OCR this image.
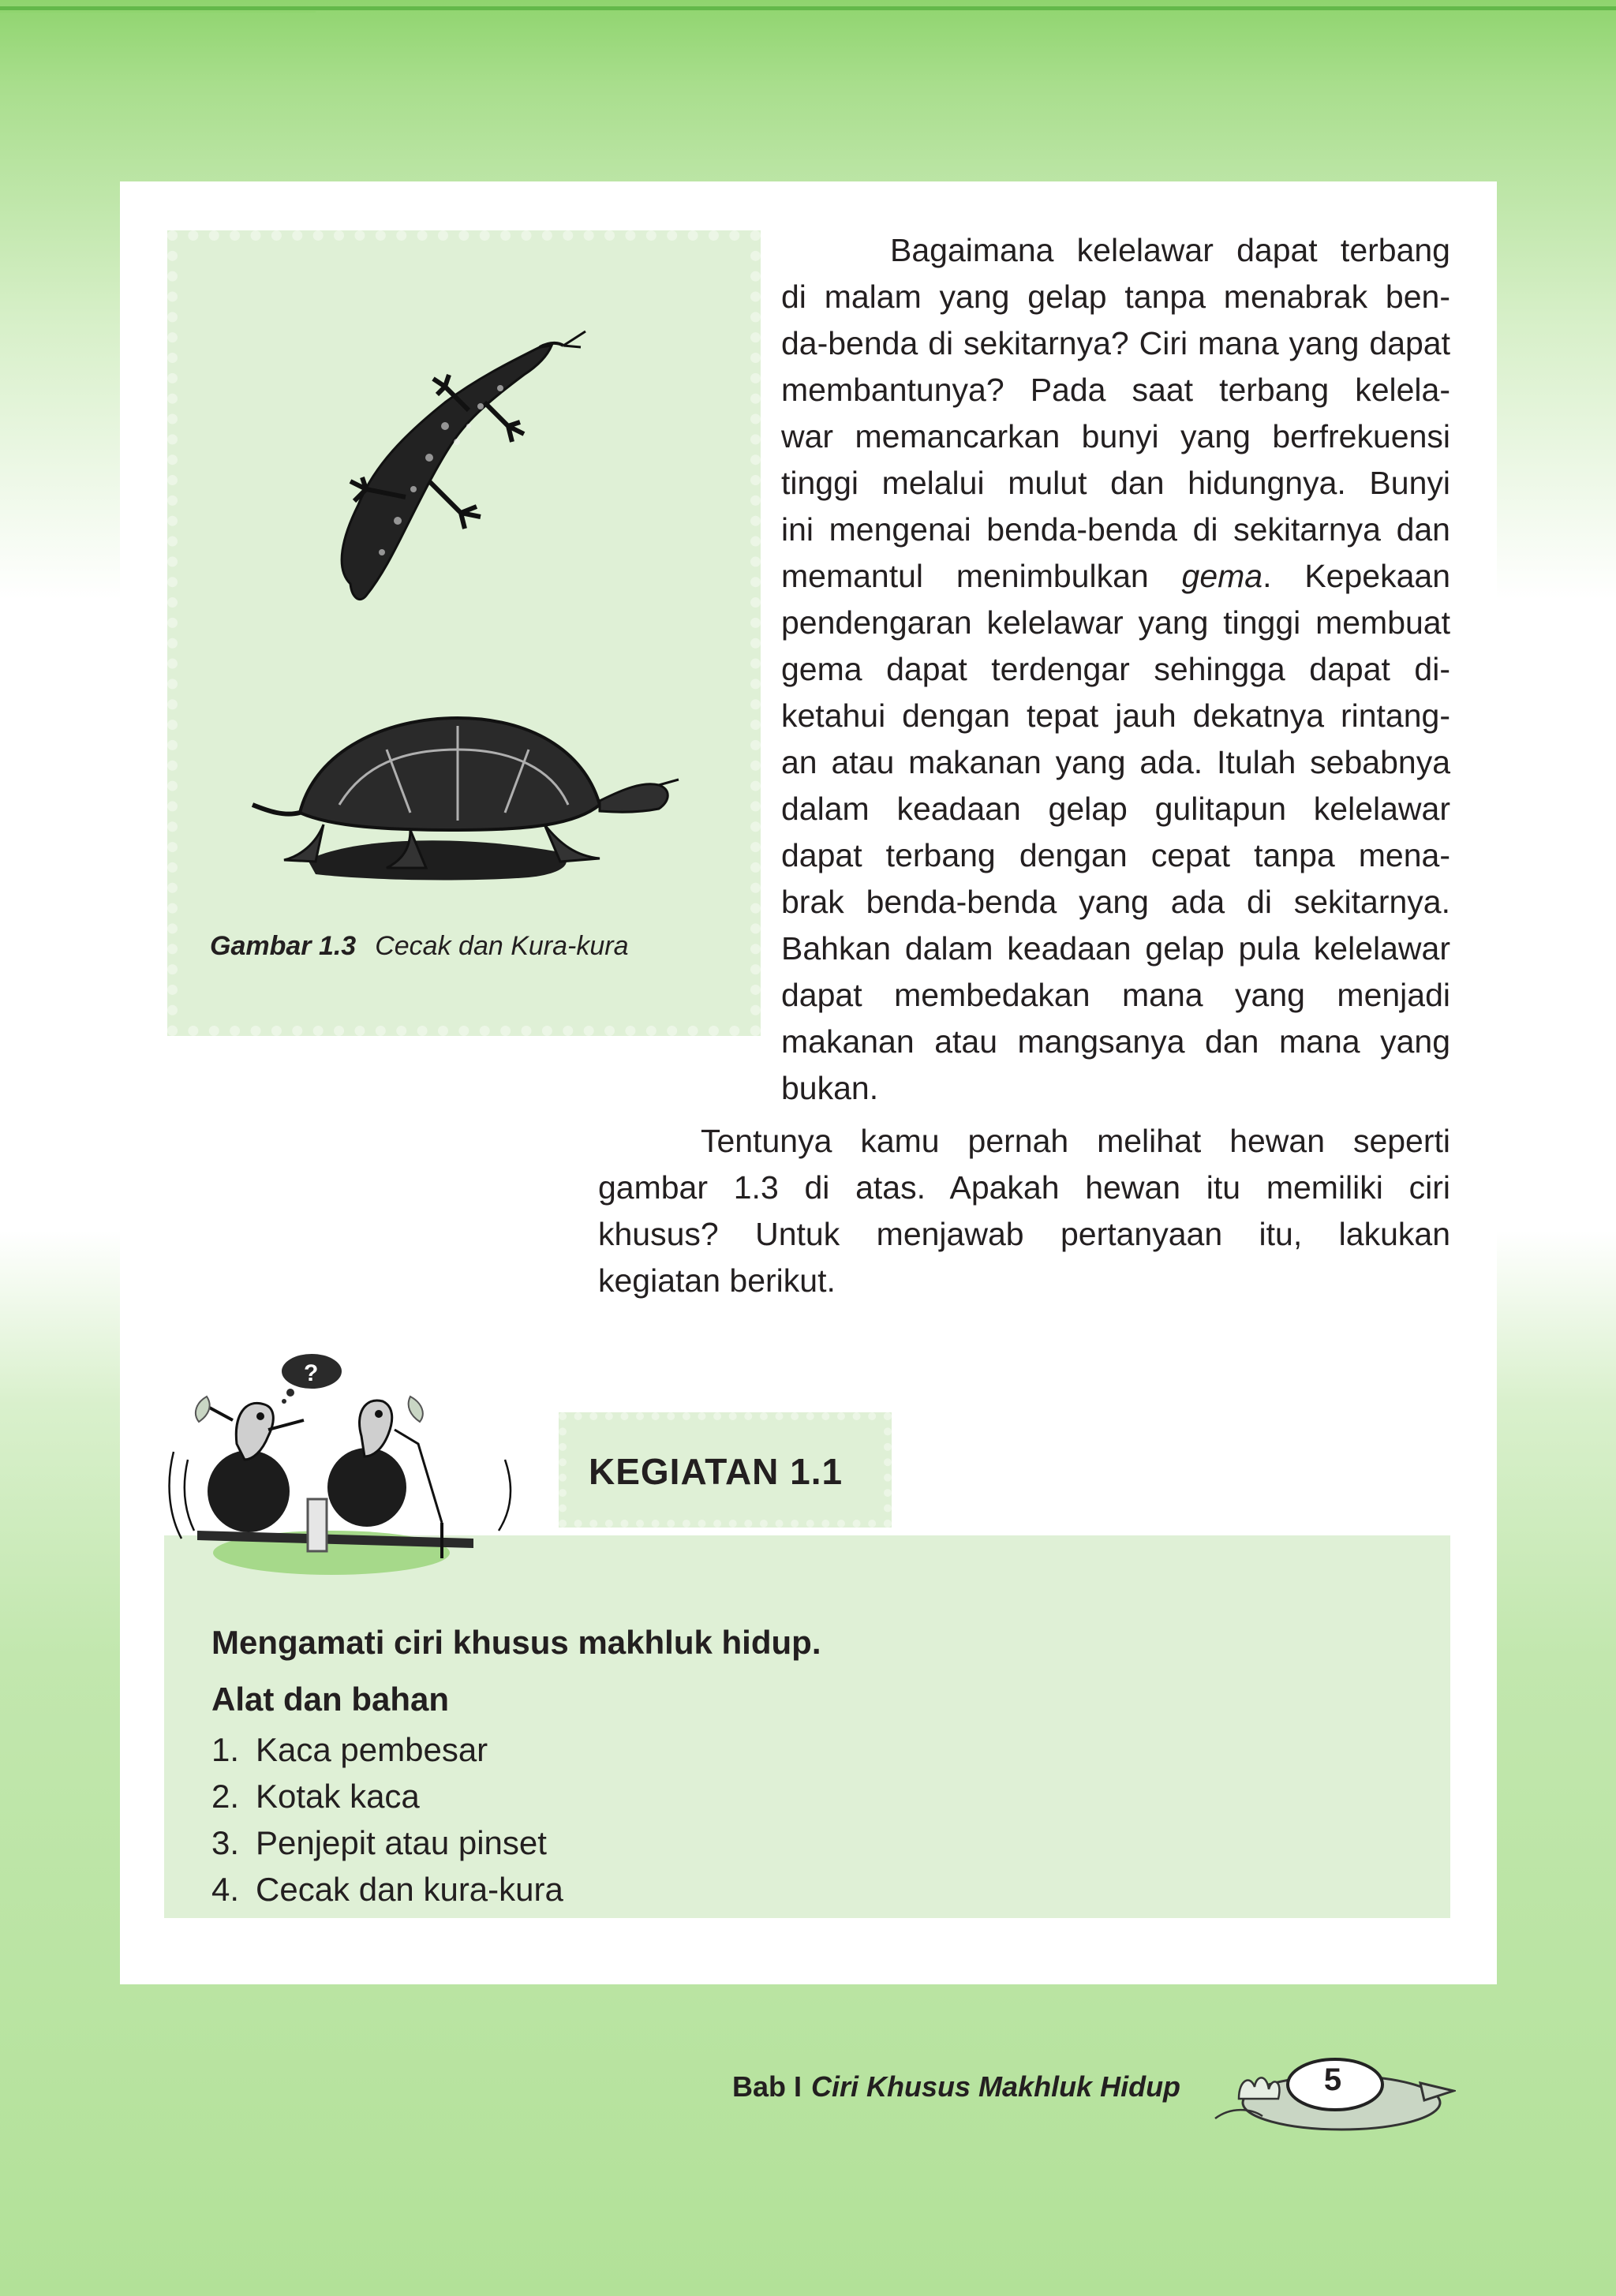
Gambar 1.3 Cecak dan Kura-kura
Bagaimana kelelawar dapat terbang
di malam yang gelap tanpa menabrak ben-
da-benda di sekitarnya? Ciri mana yang dapat
membantunya? Pada saat terbang kelela-
war memancarkan bunyi yang berfrekuensi
tinggi melalui mulut dan hidungnya. Bunyi
ini mengenai benda-benda di sekitarnya dan
memantul menimbulkan gema. Kepekaan
pendengaran kelelawar yang tinggi membuat
gema dapat terdengar sehingga dapat di-
ketahui dengan tepat jauh dekatnya rintang-
an atau makanan yang ada. Itulah sebabnya
dalam keadaan gelap gulitapun kelelawar
dapat terbang dengan cepat tanpa mena-
brak benda-benda yang ada di sekitarnya.
Bahkan dalam keadaan gelap pula kelelawar
dapat membedakan mana yang menjadi
makanan atau mangsanya dan mana yang
bukan.
Tentunya kamu pernah melihat hewan seperti
gambar 1.3 di atas. Apakah hewan itu memiliki ciri
khusus? Untuk menjawab pertanyaan itu, lakukan
kegiatan berikut.
KEGIATAN 1.1
?
Mengamati ciri khusus makhluk hidup.
Alat dan bahan
1. Kaca pembesar
2. Kotak kaca
3. Penjepit atau pinset
4. Cecak dan kura-kura
Bab I Ciri Khusus Makhluk Hidup	5
